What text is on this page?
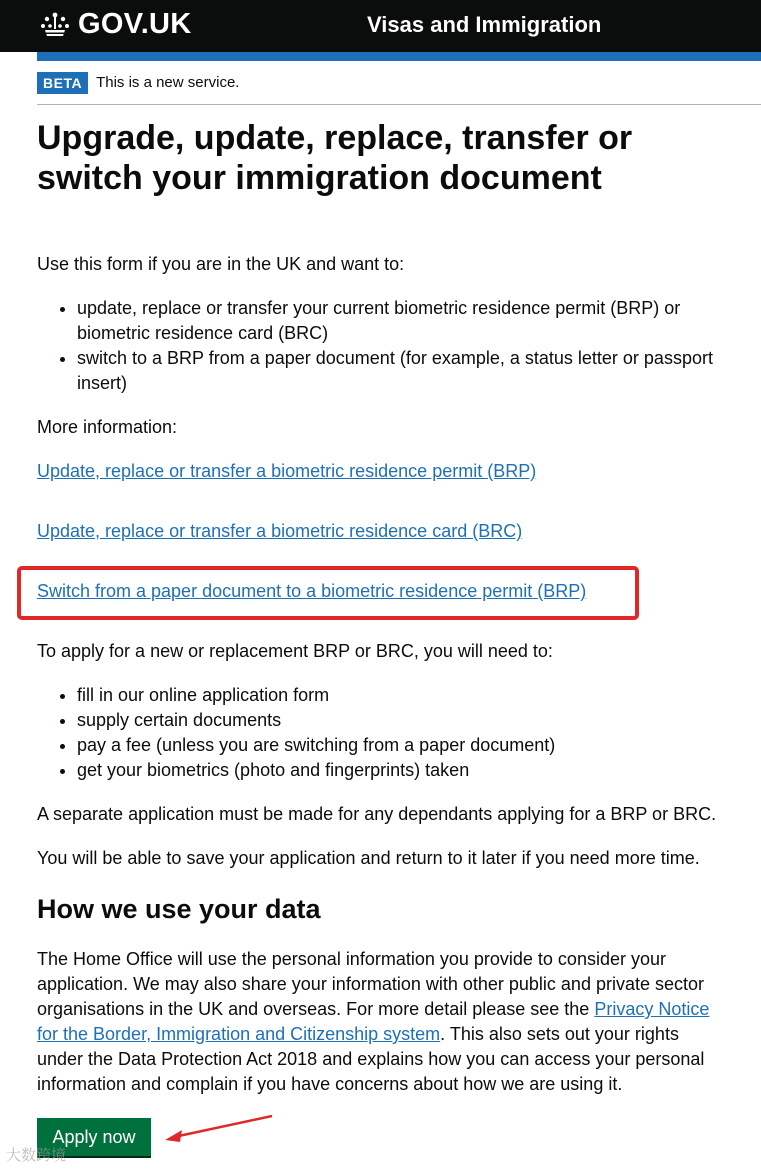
GOV.UK	Visas and Immigration
BETA This is a new service.
Upgrade, update, replace, transfer or switch your immigration document

Use this form if you are in the UK and want to:

• update, replace or transfer your current biometric residence permit (BRP) or biometric residence card (BRC)
• switch to a BRP from a paper document (for example, a status letter or passport insert)

More information:

Update, replace or transfer a biometric residence permit (BRP)
Update, replace or transfer a biometric residence card (BRC)
Switch from a paper document to a biometric residence permit (BRP)

To apply for a new or replacement BRP or BRC, you will need to:

• fill in our online application form
• supply certain documents
• pay a fee (unless you are switching from a paper document)
• get your biometrics (photo and fingerprints) taken

A separate application must be made for any dependants applying for a BRP or BRC.

You will be able to save your application and return to it later if you need more time.

How we use your data

The Home Office will use the personal information you provide to consider your application. We may also share your information with other public and private sector organisations in the UK and overseas. For more detail please see the Privacy Notice for the Border, Immigration and Citizenship system. This also sets out your rights under the Data Protection Act 2018 and explains how you can access your personal information and complain if you have concerns about how we are using it.

Apply now
大数跨境
